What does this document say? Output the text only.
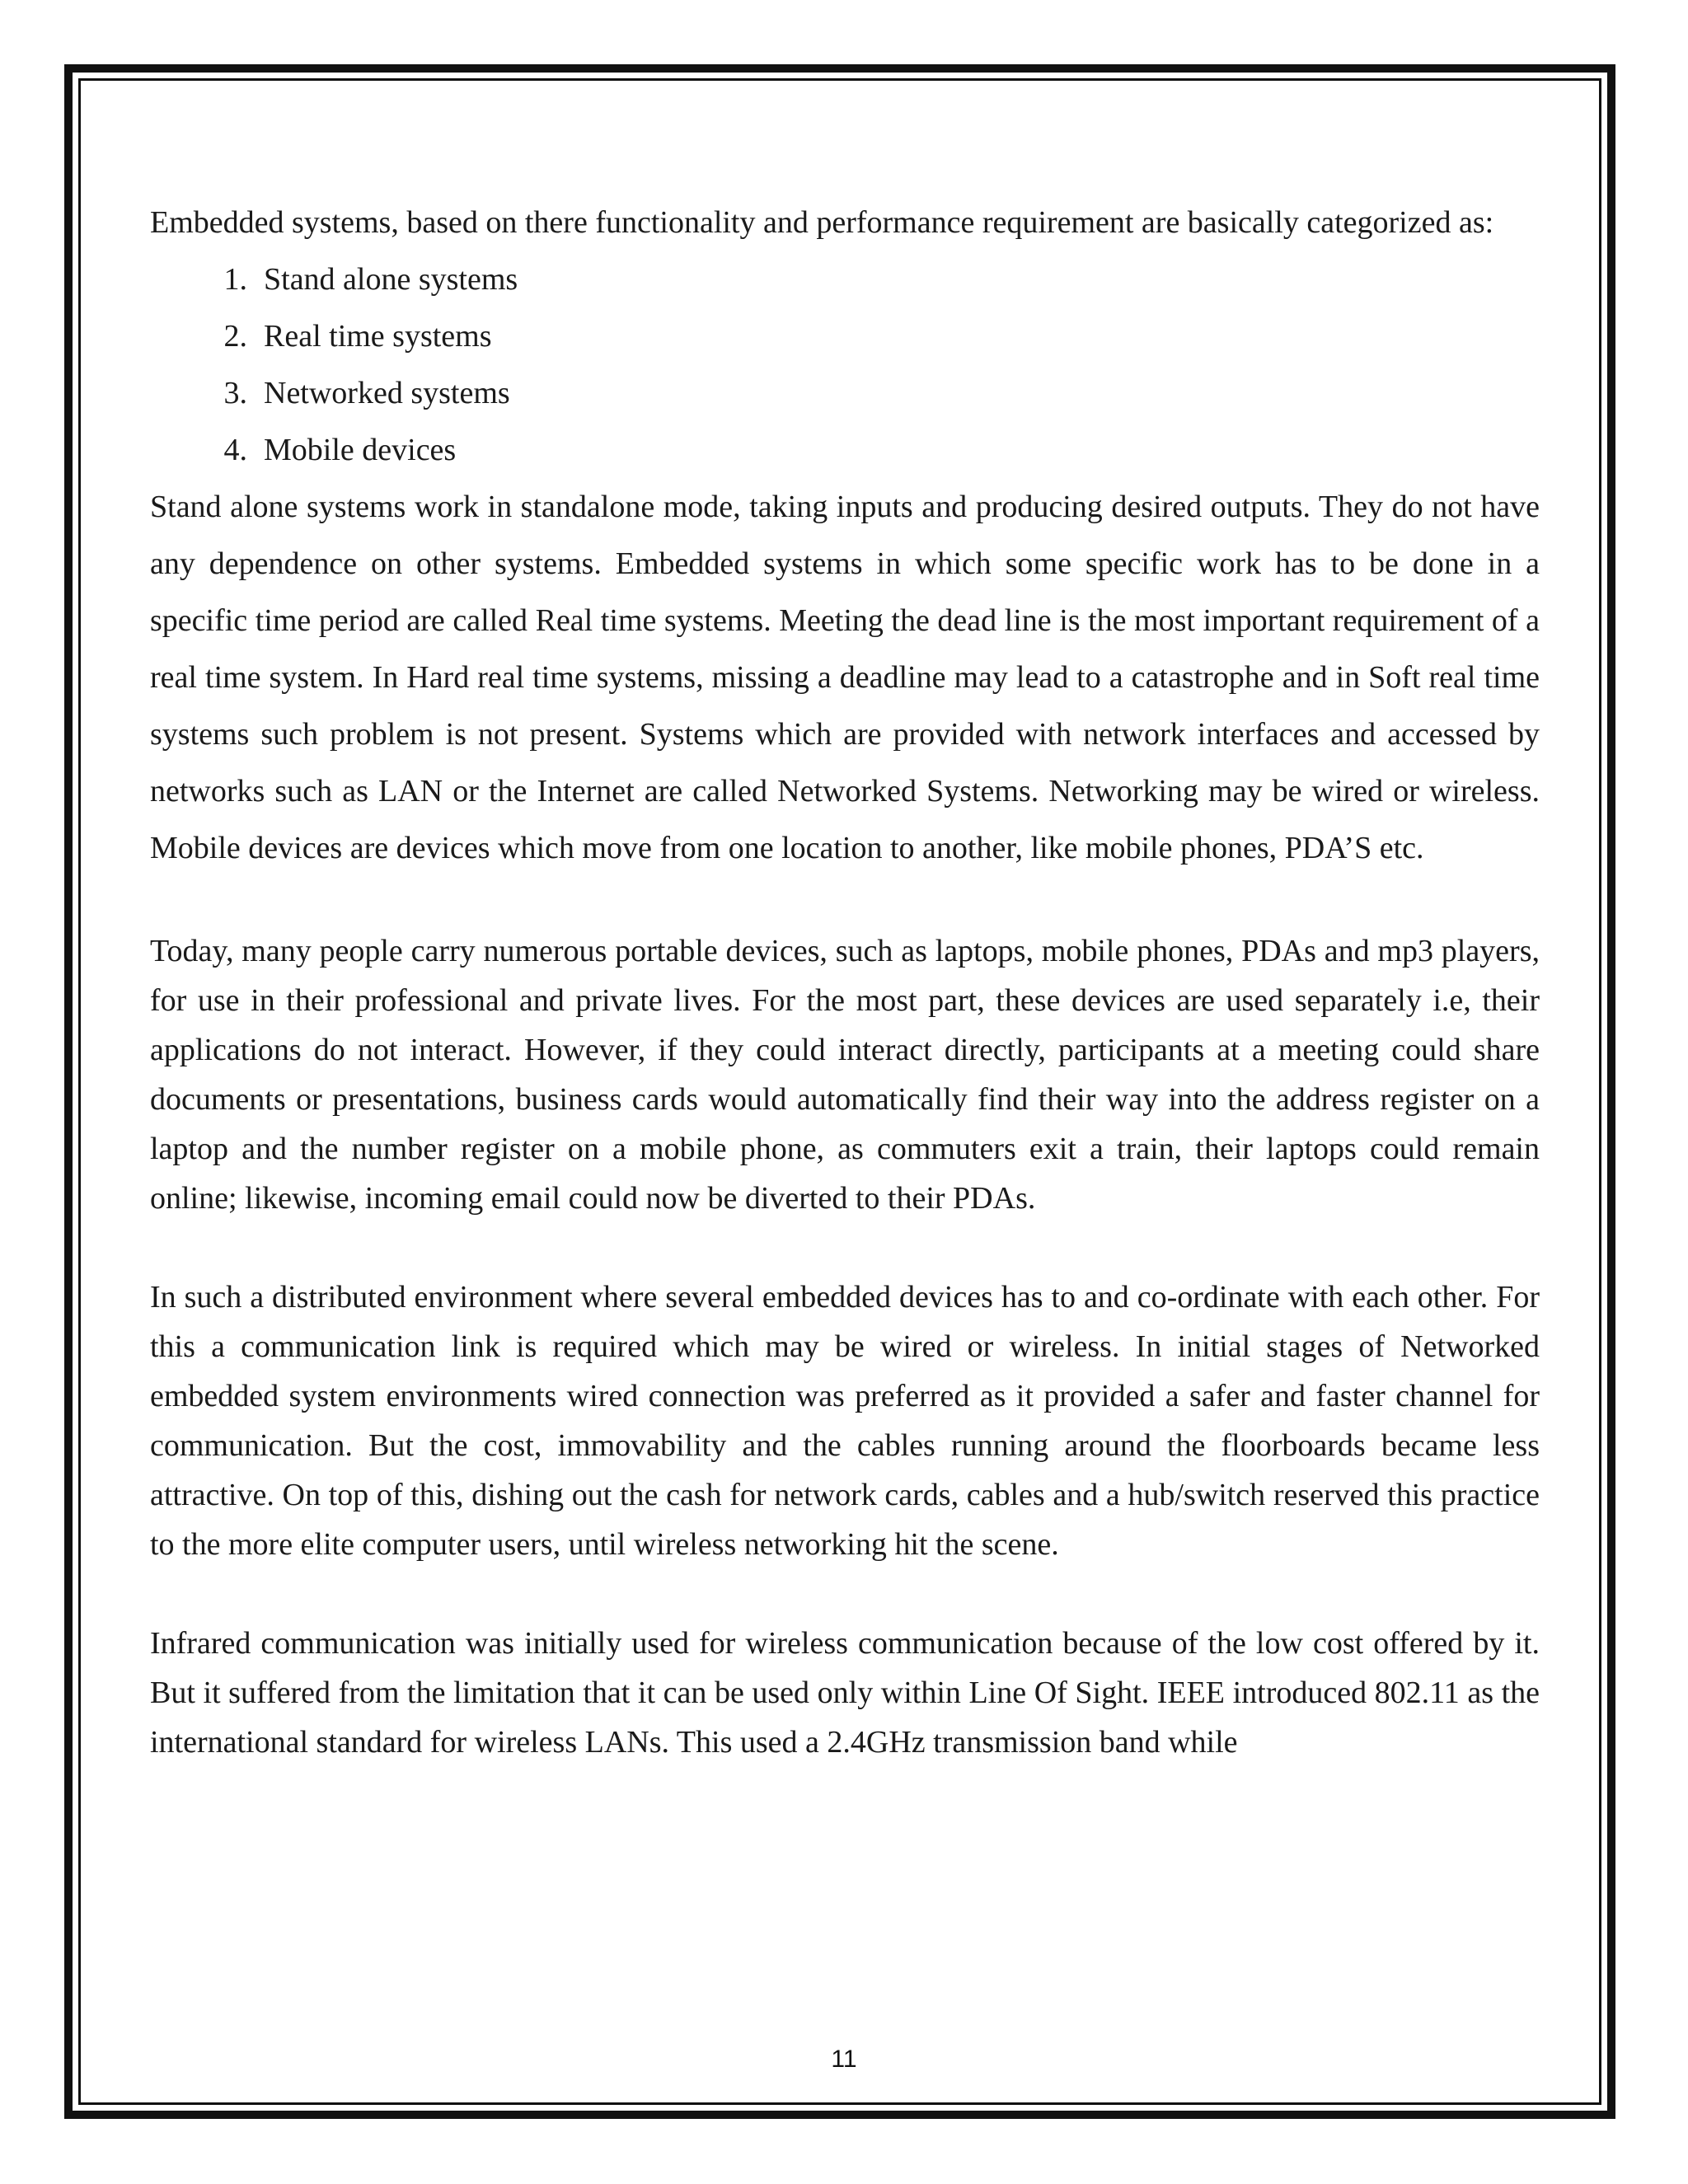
Embedded systems, based on there functionality and performance requirement are basically categorized as:

1. Stand alone systems
2. Real time systems
3. Networked systems
4. Mobile devices

Stand alone systems work in standalone mode, taking inputs and producing desired outputs. They do not have any dependence on other systems. Embedded systems in which some specific work has to be done in a specific time period are called Real time systems. Meeting the dead line is the most important requirement of a real time system. In Hard real time systems, missing a deadline may lead to a catastrophe and in Soft real time systems such problem is not present. Systems which are provided with network interfaces and accessed by networks such as LAN or the Internet are called Networked Systems. Networking may be wired or wireless. Mobile devices are devices which move from one location to another, like mobile phones, PDA’S etc.

Today, many people carry numerous portable devices, such as laptops, mobile phones, PDAs and mp3 players, for use in their professional and private lives. For the most part, these devices are used separately i.e, their applications do not interact. However, if they could interact directly, participants at a meeting could share documents or presentations, business cards would automatically find their way into the address register on a laptop and the number register on a mobile phone, as commuters exit a train, their laptops could remain online; likewise, incoming email could now be diverted to their PDAs.

In such a distributed environment where several embedded devices has to and co-ordinate with each other. For this a communication link is required which may be wired or wireless. In initial stages of Networked embedded system environments wired connection was preferred as it provided a safer and faster channel for communication. But the cost, immovability and the cables running around the floorboards became less attractive. On top of this, dishing out the cash for network cards, cables and a hub/switch reserved this practice to the more elite computer users, until wireless networking hit the scene.

Infrared communication was initially used for wireless communication because of the low cost offered by it. But it suffered from the limitation that it can be used only within Line Of Sight. IEEE introduced 802.11 as the international standard for wireless LANs. This used a 2.4GHz transmission band while

11
